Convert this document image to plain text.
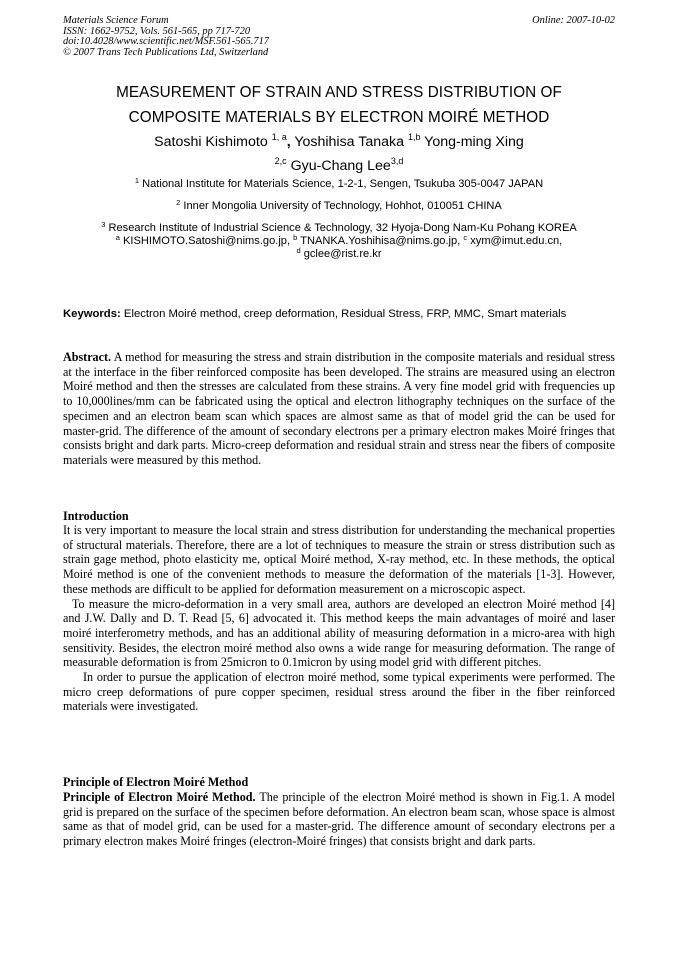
Materials Science Forum
ISSN: 1662-9752, Vols. 561-565, pp 717-720
doi:10.4028/www.scientific.net/MSF.561-565.717
© 2007 Trans Tech Publications Ltd, Switzerland
Online: 2007-10-02
MEASUREMENT OF STRAIN AND STRESS DISTRIBUTION OF
COMPOSITE MATERIALS BY ELECTRON MOIRÉ METHOD
Satoshi Kishimoto $^{1, a}$, Yoshihisa Tanaka $^{1,b}$ Yong-ming Xing
$^{2,c}$ Gyu-Chang Lee$^{3,d}$
$^1$ National Institute for Materials Science, 1-2-1, Sengen, Tsukuba 305-0047 JAPAN
$^2$ Inner Mongolia University of Technology, Hohhot, 010051 CHINA
$^3$ Research Institute of Industrial Science & Technology, 32 Hyoja-Dong Nam-Ku Pohang KOREA
$^a$ KISHIMOTO.Satoshi@nims.go.jp, $^b$ TNANKA.Yoshihisa@nims.go.jp, $^c$ xym@imut.edu.cn,
$^d$ gclee@rist.re.kr
Keywords: Electron Moiré method, creep deformation, Residual Stress, FRP, MMC, Smart materials
Abstract. A method for measuring the stress and strain distribution in the composite materials and residual stress at the interface in the fiber reinforced composite has been developed. The strains are measured using an electron Moiré method and then the stresses are calculated from these strains. A very fine model grid with frequencies up to 10,000lines/mm can be fabricated using the optical and electron lithography techniques on the surface of the specimen and an electron beam scan which spaces are almost same as that of model grid the can be used for master-grid. The difference of the amount of secondary electrons per a primary electron makes Moiré fringes that consists bright and dark parts. Micro-creep deformation and residual strain and stress near the fibers of composite materials were measured by this method.
Introduction

It is very important to measure the local strain and stress distribution for understanding the mechanical properties of structural materials. Therefore, there are a lot of techniques to measure the strain or stress distribution such as strain gage method, photo elasticity me, optical Moiré method, X-ray method, etc. In these methods, the optical Moiré method is one of the convenient methods to measure the deformation of the materials [1-3]. However, these methods are difficult to be applied for deformation measurement on a microscopic aspect.

To measure the micro-deformation in a very small area, authors are developed an electron Moiré method [4] and J.W. Dally and D. T. Read [5, 6] advocated it. This method keeps the main advantages of moiré and laser moiré interferometry methods, and has an additional ability of measuring deformation in a micro-area with high sensitivity. Besides, the electron moiré method also owns a wide range for measuring deformation. The range of measurable deformation is from 25micron to 0.1micron by using model grid with different pitches.

In order to pursue the application of electron moiré method, some typical experiments were performed. The micro creep deformations of pure copper specimen, residual stress around the fiber in the fiber reinforced materials were investigated.

Principle of Electron Moiré Method
Principle of Electron Moiré Method. The principle of the electron Moiré method is shown in Fig.1. A model grid is prepared on the surface of the specimen before deformation. An electron beam scan, whose space is almost same as that of model grid, can be used for a master-grid. The difference amount of secondary electrons per a primary electron makes Moiré fringes (electron-Moiré fringes) that consists bright and dark parts.
